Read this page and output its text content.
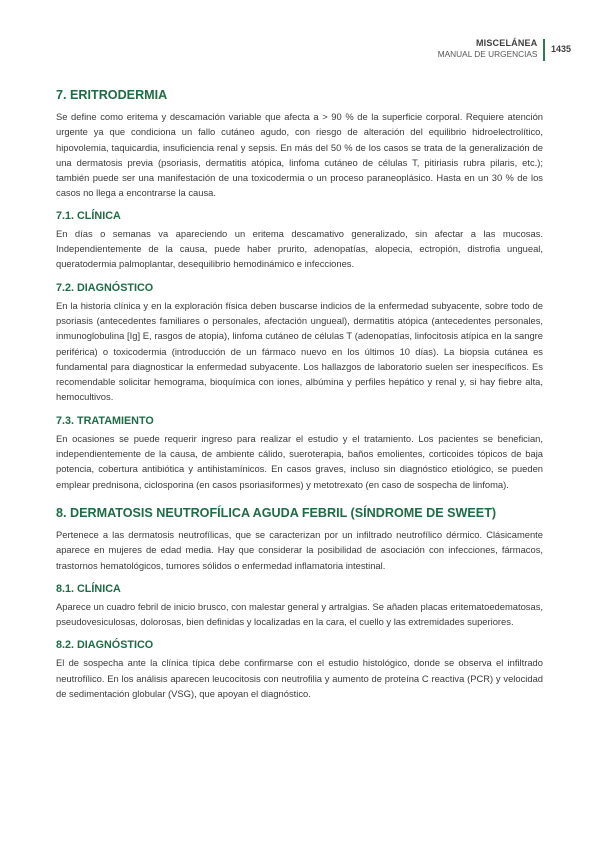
MISCELÁNEA
MANUAL DE URGENCIAS	1435
7. ERITRODERMIA

Se define como eritema y descamación variable que afecta a > 90 % de la superficie corporal. Requiere atención urgente ya que condiciona un fallo cutáneo agudo, con riesgo de alteración del equilibrio hidroelectrolítico, hipovolemia, taquicardia, insuficiencia renal y sepsis. En más del 50 % de los casos se trata de la generalización de una dermatosis previa (psoriasis, dermatitis atópica, linfoma cutáneo de células T, pitiriasis rubra pilaris, etc.); también puede ser una manifestación de una toxicodermia o un proceso paraneoplásico. Hasta en un 30 % de los casos no llega a encontrarse la causa.

7.1. CLÍNICA

En días o semanas va apareciendo un eritema descamativo generalizado, sin afectar a las mucosas. Independientemente de la causa, puede haber prurito, adenopatías, alopecia, ectropión, distrofia ungueal, queratodermia palmoplantar, desequilibrio hemodinámico e infecciones.

7.2. DIAGNÓSTICO

En la historia clínica y en la exploración física deben buscarse indicios de la enfermedad subyacente, sobre todo de psoriasis (antecedentes familiares o personales, afectación ungueal), dermatitis atópica (antecedentes personales, inmunoglobulina [Ig] E, rasgos de atopia), linfoma cutáneo de células T (adenopatías, linfocitosis atípica en la sangre periférica) o toxicodermia (introducción de un fármaco nuevo en los últimos 10 días). La biopsia cutánea es fundamental para diagnosticar la enfermedad subyacente. Los hallazgos de laboratorio suelen ser inespecíficos. Es recomendable solicitar hemograma, bioquímica con iones, albúmina y perfiles hepático y renal y, si hay fiebre alta, hemocultivos.

7.3. TRATAMIENTO

En ocasiones se puede requerir ingreso para realizar el estudio y el tratamiento. Los pacientes se benefician, independientemente de la causa, de ambiente cálido, sueroterapia, baños emolientes, corticoides tópicos de baja potencia, cobertura antibiótica y antihistamínicos. En casos graves, incluso sin diagnóstico etiológico, se pueden emplear prednisona, ciclosporina (en casos psoriasiformes) y metotrexato (en caso de sospecha de linfoma).

8. DERMATOSIS NEUTROFÍLICA AGUDA FEBRIL (SÍNDROME DE SWEET)

Pertenece a las dermatosis neutrofílicas, que se caracterizan por un infiltrado neutrofílico dérmico. Clásicamente aparece en mujeres de edad media. Hay que considerar la posibilidad de asociación con infecciones, fármacos, trastornos hematológicos, tumores sólidos o enfermedad inflamatoria intestinal.

8.1. CLÍNICA

Aparece un cuadro febril de inicio brusco, con malestar general y artralgias. Se añaden placas eritematoedematosas, pseudovesiculosas, dolorosas, bien definidas y localizadas en la cara, el cuello y las extremidades superiores.

8.2. DIAGNÓSTICO

El de sospecha ante la clínica típica debe confirmarse con el estudio histológico, donde se observa el infiltrado neutrofílico. En los análisis aparecen leucocitosis con neutrofilia y aumento de proteína C reactiva (PCR) y velocidad de sedimentación globular (VSG), que apoyan el diagnóstico.
